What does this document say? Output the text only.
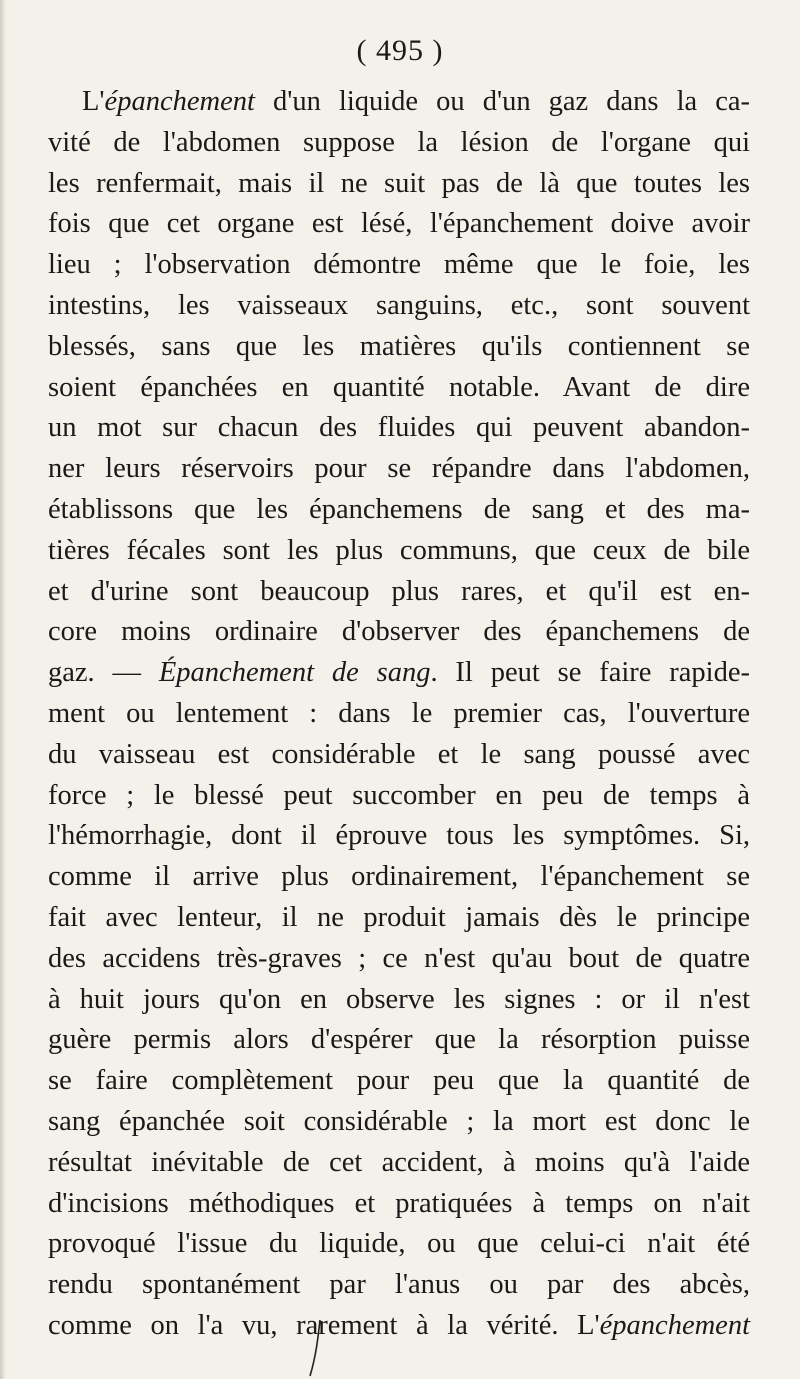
( 495 )
L'épanchement d'un liquide ou d'un gaz dans la ca-
vité de l'abdomen suppose la lésion de l'organe qui
les renfermait, mais il ne suit pas de là que toutes les
fois que cet organe est lésé, l'épanchement doive avoir
lieu ; l'observation démontre même que le foie, les
intestins, les vaisseaux sanguins, etc., sont souvent
blessés, sans que les matières qu'ils contiennent se
soient épanchées en quantité notable. Avant de dire
un mot sur chacun des fluides qui peuvent abandon-
ner leurs réservoirs pour se répandre dans l'abdomen,
établissons que les épanchemens de sang et des ma-
tières fécales sont les plus communs, que ceux de bile
et d'urine sont beaucoup plus rares, et qu'il est en-
core moins ordinaire d'observer des épanchemens de
gaz. — Épanchement de sang. Il peut se faire rapide-
ment ou lentement : dans le premier cas, l'ouverture
du vaisseau est considérable et le sang poussé avec
force ; le blessé peut succomber en peu de temps à
l'hémorrhagie, dont il éprouve tous les symptômes. Si,
comme il arrive plus ordinairement, l'épanchement se
fait avec lenteur, il ne produit jamais dès le principe
des accidens très-graves ; ce n'est qu'au bout de quatre
à huit jours qu'on en observe les signes : or il n'est
guère permis alors d'espérer que la résorption puisse
se faire complètement pour peu que la quantité de
sang épanchée soit considérable ; la mort est donc le
résultat inévitable de cet accident, à moins qu'à l'aide
d'incisions méthodiques et pratiquées à temps on n'ait
provoqué l'issue du liquide, ou que celui-ci n'ait été
rendu spontanément par l'anus ou par des abcès,
comme on l'a vu, rarement à la vérité. L'épanchement
